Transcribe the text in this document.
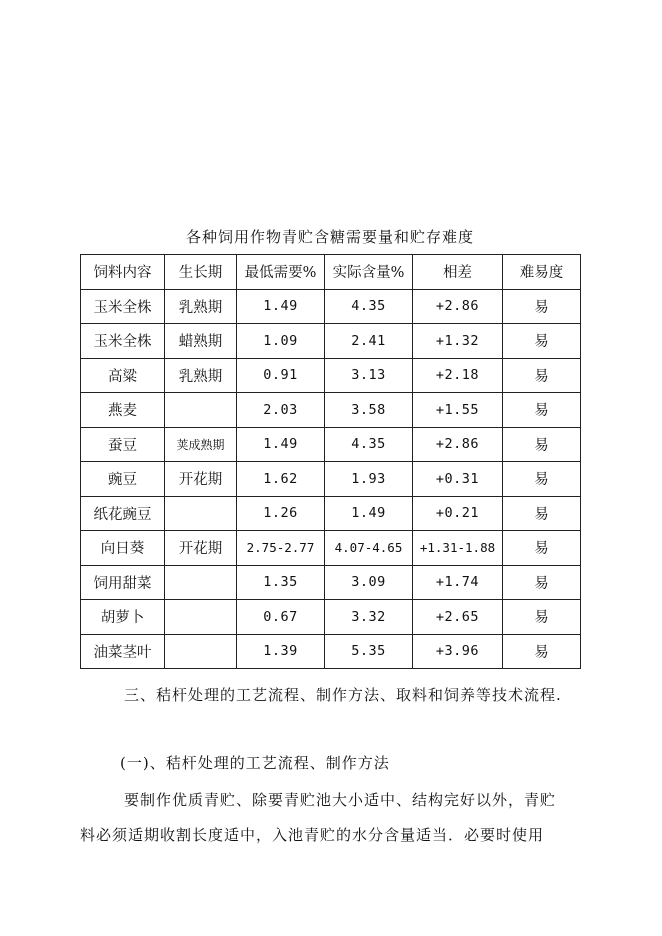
各种饲用作物青贮含糖需要量和贮存难度
饲料内容	生长期	最低需要%	实际含量%	相差	难易度
玉米全株	乳熟期	1.49	4.35	+2.86	易
玉米全株	蜡熟期	1.09	2.41	+1.32	易
高粱	乳熟期	0.91	3.13	+2.18	易
燕麦		2.03	3.58	+1.55	易
蚕豆	荚成熟期	1.49	4.35	+2.86	易
豌豆	开花期	1.62	1.93	+0.31	易
纸花豌豆		1.26	1.49	+0.21	易
向日葵	开花期	2.75-2.77	4.07-4.65	+1.31-1.88	易
饲用甜菜		1.35	3.09	+1.74	易
胡萝卜		0.67	3.32	+2.65	易
油菜茎叶		1.39	5.35	+3.96	易
三、秸杆处理的工艺流程、制作方法、取料和饲养等技术流程.
(一)、秸杆处理的工艺流程、制作方法
要制作优质青贮、除要青贮池大小适中、结构完好以外，青贮
料必须适期收割长度适中，入池青贮的水分含量适当．必要时使用
